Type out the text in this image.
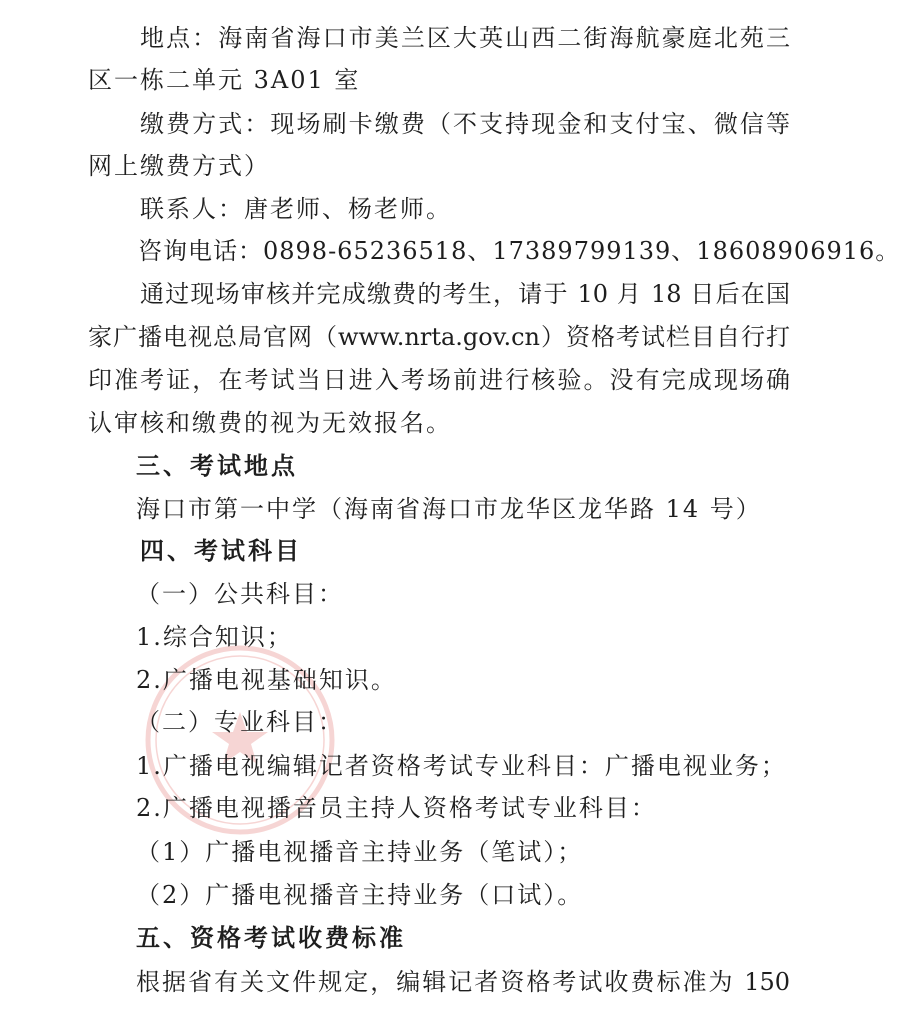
地点：海南省海口市美兰区大英山西二街海航豪庭北苑三
区一栋二单元 3A01 室
缴费方式：现场刷卡缴费（不支持现金和支付宝、微信等
网上缴费方式）
联系人：唐老师、杨老师。
咨询电话：0898-65236518、17389799139、18608906916。
通过现场审核并完成缴费的考生，请于 10 月 18 日后在国
家广播电视总局官网（www.nrta.gov.cn）资格考试栏目自行打
印准考证，在考试当日进入考场前进行核验。没有完成现场确
认审核和缴费的视为无效报名。
三、考试地点
海口市第一中学（海南省海口市龙华区龙华路 14 号）
四、考试科目
（一）公共科目：
1.综合知识；
2.广播电视基础知识。
（二）专业科目：
1.广播电视编辑记者资格考试专业科目：广播电视业务；
2.广播电视播音员主持人资格考试专业科目：
（1）广播电视播音主持业务（笔试）；
（2）广播电视播音主持业务（口试）。
五、资格考试收费标准
根据省有关文件规定，编辑记者资格考试收费标准为 150
